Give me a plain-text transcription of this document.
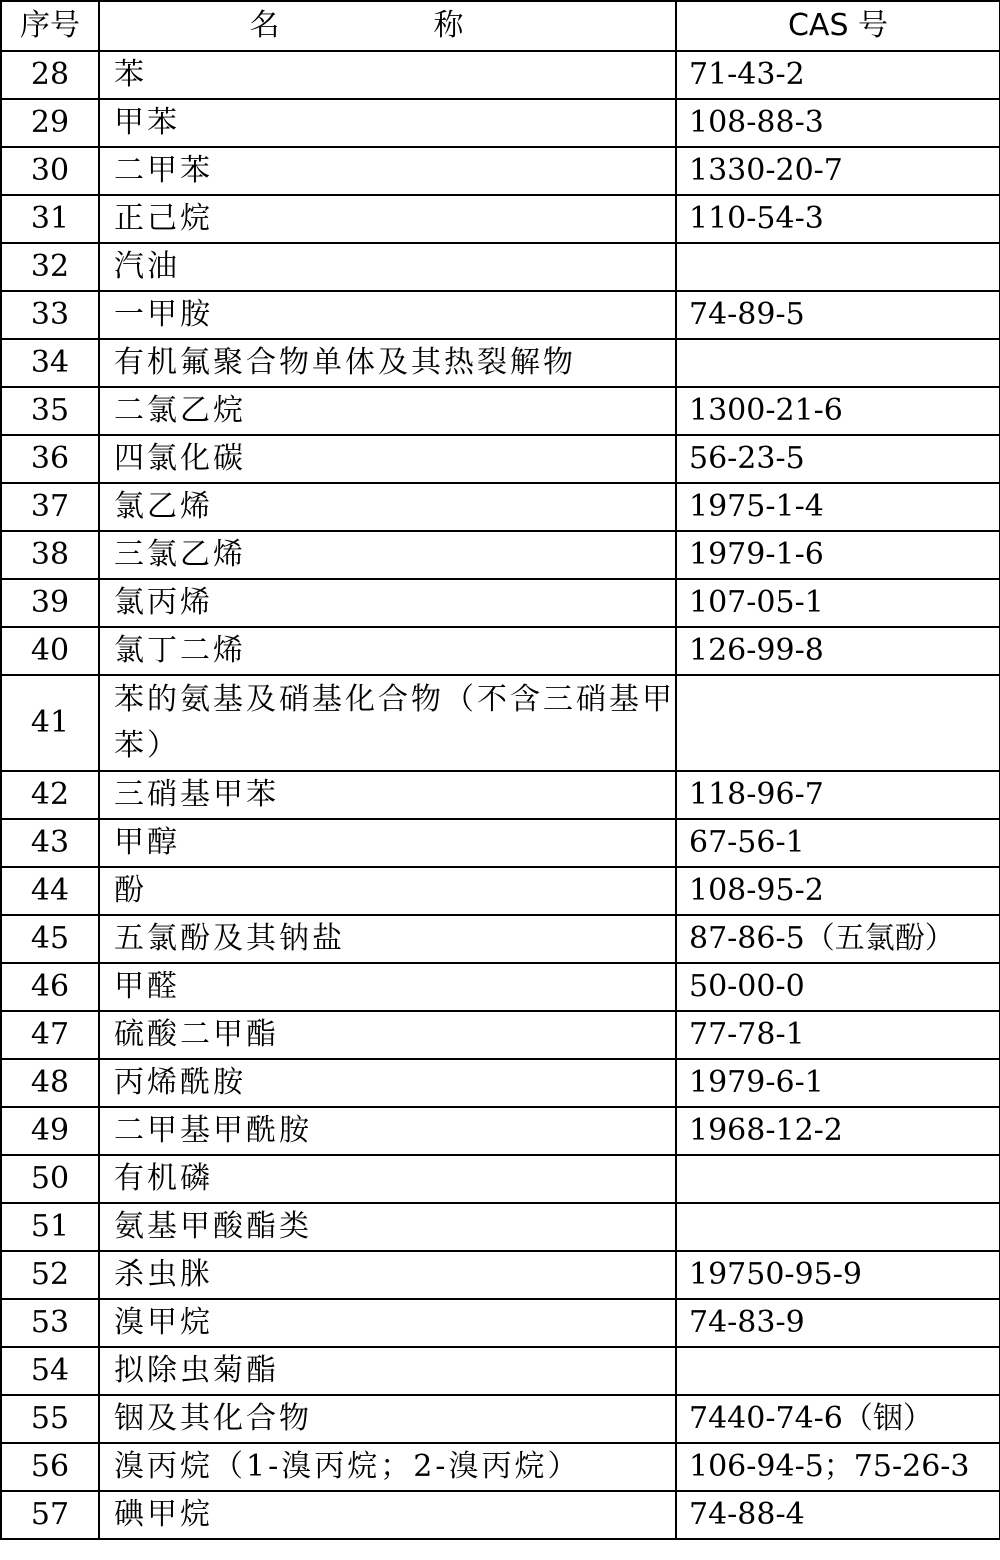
序号	名　称	CAS 号
28	苯	71-43-2
29	甲苯	108-88-3
30	二甲苯	1330-20-7
31	正己烷	110-54-3
32	汽油	
33	一甲胺	74-89-5
34	有机氟聚合物单体及其热裂解物	
35	二氯乙烷	1300-21-6
36	四氯化碳	56-23-5
37	氯乙烯	1975-1-4
38	三氯乙烯	1979-1-6
39	氯丙烯	107-05-1
40	氯丁二烯	126-99-8
41	苯的氨基及硝基化合物（不含三硝基甲苯）	
42	三硝基甲苯	118-96-7
43	甲醇	67-56-1
44	酚	108-95-2
45	五氯酚及其钠盐	87-86-5（五氯酚）
46	甲醛	50-00-0
47	硫酸二甲酯	77-78-1
48	丙烯酰胺	1979-6-1
49	二甲基甲酰胺	1968-12-2
50	有机磷	
51	氨基甲酸酯类	
52	杀虫脒	19750-95-9
53	溴甲烷	74-83-9
54	拟除虫菊酯	
55	铟及其化合物	7440-74-6（铟）
56	溴丙烷（1-溴丙烷；2-溴丙烷）	106-94-5；75-26-3
57	碘甲烷	74-88-4
